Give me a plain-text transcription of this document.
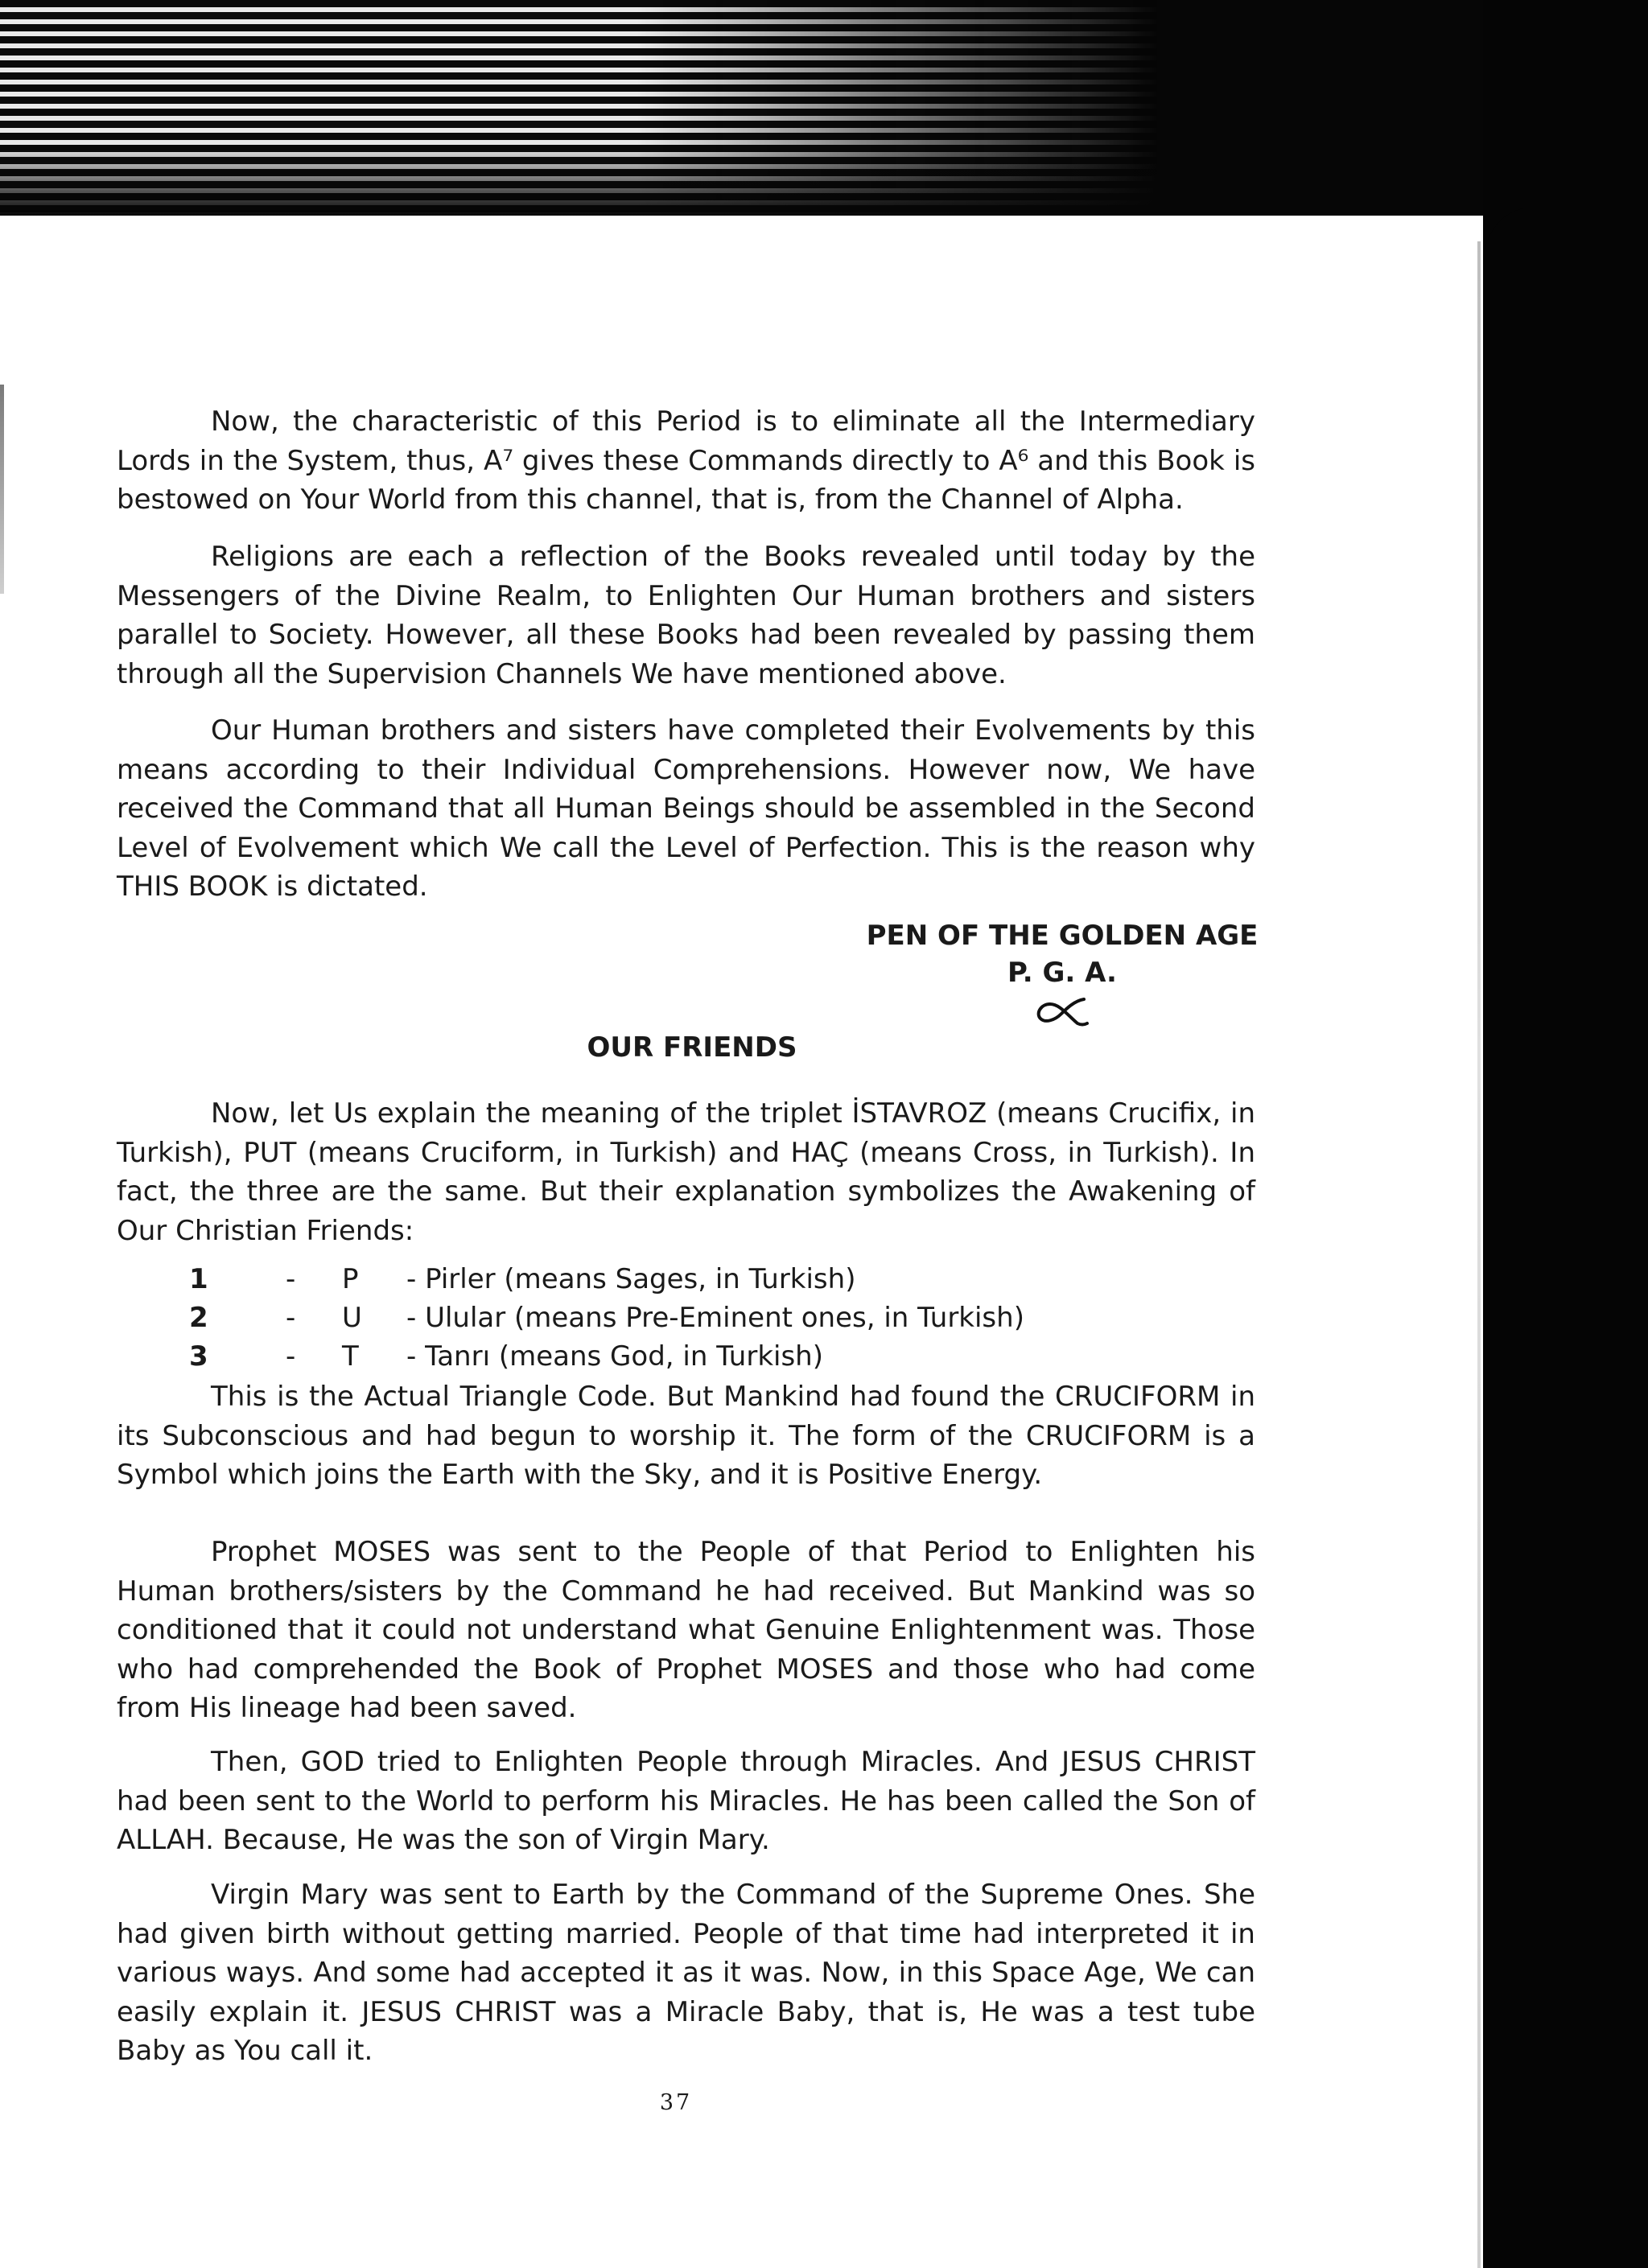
Now, the characteristic of this Period is to eliminate all the Intermediary Lords in the System, thus, A⁷ gives these Commands directly to A⁶ and this Book is bestowed on Your World from this channel, that is, from the Channel of Alpha.

Religions are each a reflection of the Books revealed until today by the Messengers of the Divine Realm, to Enlighten Our Human brothers and sisters parallel to Society. However, all these Books had been revealed by passing them through all the Supervision Channels We have mentioned above.

Our Human brothers and sisters have completed their Evolvements by this means according to their Individual Comprehensions. However now, We have received the Command that all Human Beings should be assembled in the Second Level of Evolvement which We call the Level of Perfection. This is the reason why THIS BOOK is dictated.

PEN OF THE GOLDEN AGE
P. G. A.
OUR FRIENDS

Now, let Us explain the meaning of the triplet İSTAVROZ (means Crucifix, in Turkish), PUT (means Cruciform, in Turkish) and HAÇ (means Cross, in Turkish). In fact, the three are the same. But their explanation symbolizes the Awakening of Our Christian Friends:

1	-	P	- Pirler (means Sages, in Turkish)
2	-	U	- Ulular (means Pre-Eminent ones, in Turkish)
3	-	T	- Tanrı (means God, in Turkish)

This is the Actual Triangle Code. But Mankind had found the CRUCIFORM in its Subconscious and had begun to worship it. The form of the CRUCIFORM is a Symbol which joins the Earth with the Sky, and it is Positive Energy.

Prophet MOSES was sent to the People of that Period to Enlighten his Human brothers/sisters by the Command he had received. But Mankind was so conditioned that it could not understand what Genuine Enlightenment was. Those who had comprehended the Book of Prophet MOSES and those who had come from His lineage had been saved.

Then, GOD tried to Enlighten People through Miracles. And JESUS CHRIST had been sent to the World to perform his Miracles. He has been called the Son of ALLAH. Because, He was the son of Virgin Mary.

Virgin Mary was sent to Earth by the Command of the Supreme Ones. She had given birth without getting married. People of that time had interpreted it in various ways. And some had accepted it as it was. Now, in this Space Age, We can easily explain it. JESUS CHRIST was a Miracle Baby, that is, He was a test tube Baby as You call it.

37
